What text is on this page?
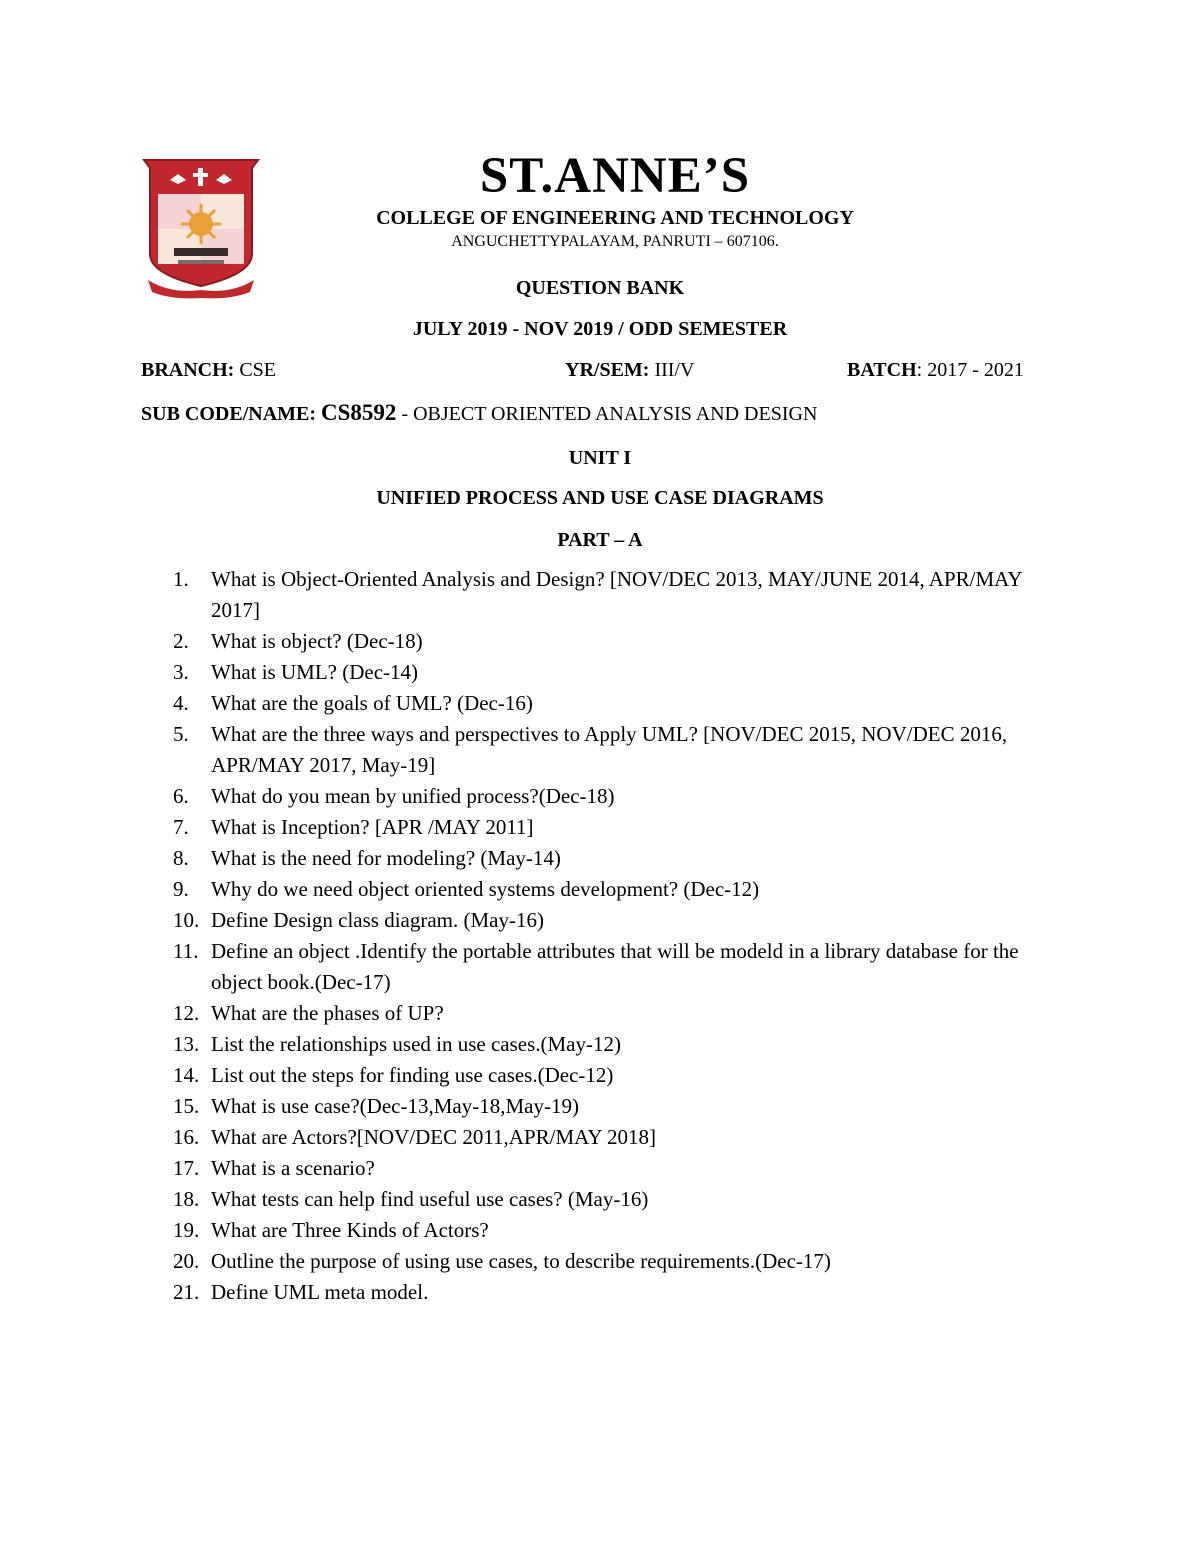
ST.ANNE’S
COLLEGE OF ENGINEERING AND TECHNOLOGY
ANGUCHETTYPALAYAM, PANRUTI – 607106.
QUESTION BANK
JULY 2019 - NOV 2019 / ODD SEMESTER
BRANCH: CSE	YR/SEM: III/V	BATCH: 2017 - 2021
SUB CODE/NAME: CS8592 - OBJECT ORIENTED ANALYSIS AND DESIGN
UNIT I
UNIFIED PROCESS AND USE CASE DIAGRAMS
PART – A
1.	What is Object-Oriented Analysis and Design? [NOV/DEC 2013, MAY/JUNE 2014, APR/MAY 2017]
2.	What is object? (Dec-18)
3.	What is UML? (Dec-14)
4.	What are the goals of UML? (Dec-16)
5.	What are the three ways and perspectives to Apply UML? [NOV/DEC 2015, NOV/DEC 2016, APR/MAY 2017, May-19]
6.	What do you mean by unified process?(Dec-18)
7.	What is Inception? [APR /MAY 2011]
8.	What is the need for modeling? (May-14)
9.	Why do we need object oriented systems development? (Dec-12)
10. Define Design class diagram. (May-16)
11. Define an object .Identify the portable attributes that will be modeld in a library database for the object book.(Dec-17)
12. What are the phases of UP?
13. List the relationships used in use cases.(May-12)
14. List out the steps for finding use cases.(Dec-12)
15. What is use case?(Dec-13,May-18,May-19)
16. What are Actors?[NOV/DEC 2011,APR/MAY 2018]
17. What is a scenario?
18. What tests can help find useful use cases? (May-16)
19. What are Three Kinds of Actors?
20. Outline the purpose of using use cases, to describe requirements.(Dec-17)
21. Define UML meta model.
